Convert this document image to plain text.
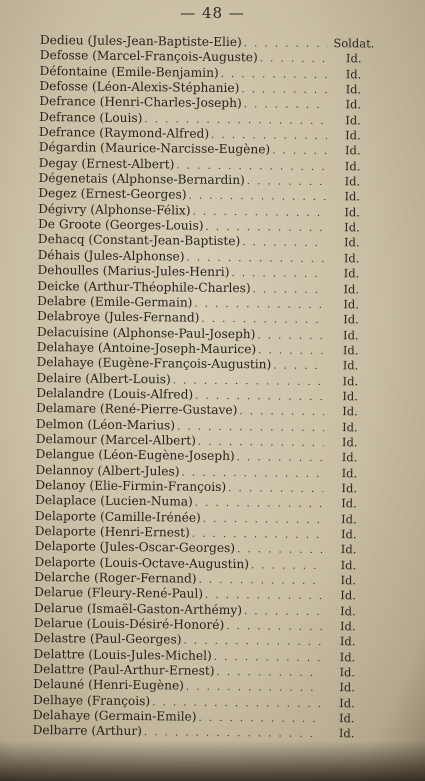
— 48 —
Dedieu (Jules-Jean-Baptiste-Elie) . . .	Soldat.
Defosse (Marcel-François-Auguste) . . .	Id.
Défontaine (Emile-Benjamin) . . .	Id.
Defosse (Léon-Alexis-Stéphanie) . . .	Id.
Defrance (Henri-Charles-Joseph) . . .	Id.
Defrance (Louis) . . .	Id.
Defrance (Raymond-Alfred) . . .	Id.
Dégardin (Maurice-Narcisse-Eugène) . . .	Id.
Degay (Ernest-Albert) . . .	Id.
Dégenetais (Alphonse-Bernardin) . . .	Id.
Degez (Ernest-Georges) . . .	Id.
Dégivry (Alphonse-Félix) . . .	Id.
De Groote (Georges-Louis) . . .	Id.
Dehacq (Constant-Jean-Baptiste) . . .	Id.
Déhais (Jules-Alphonse) . . .	Id.
Dehoulles (Marius-Jules-Henri) . . .	Id.
Deicke (Arthur-Théophile-Charles) . . .	Id.
Delabre (Emile-Germain) . . .	Id.
Delabroye (Jules-Fernand) . . .	Id.
Delacuisine (Alphonse-Paul-Joseph) . . .	Id.
Delahaye (Antoine-Joseph-Maurice) . . .	Id.
Delahaye (Eugène-François-Augustin) . . .	Id.
Delaire (Albert-Louis) . . .	Id.
Delalandre (Louis-Alfred) . . .	Id.
Delamare (René-Pierre-Gustave) . . .	Id.
Delmon (Léon-Marius) . . .	Id.
Delamour (Marcel-Albert) . . .	Id.
Delangue (Léon-Eugène-Joseph) . . .	Id.
Delannoy (Albert-Jules) . . .	Id.
Delanoy (Elie-Firmin-François) . . .	Id.
Delaplace (Lucien-Numa) . . .	Id.
Delaporte (Camille-Irénée) . . .	Id.
Delaporte (Henri-Ernest) . . .	Id.
Delaporte (Jules-Oscar-Georges) . . .	Id.
Delaporte (Louis-Octave-Augustin) . . .	Id.
Delarche (Roger-Fernand) . . .	Id.
Delarue (Fleury-René-Paul) . . .	Id.
Delarue (Ismaël-Gaston-Arthémy) . . .	Id.
Delarue (Louis-Désiré-Honoré) . . .	Id.
Delastre (Paul-Georges) . . .	Id.
Delattre (Louis-Jules-Michel) . . .	Id.
Delattre (Paul-Arthur-Ernest) . . .	Id.
Delauné (Henri-Eugène) . . .	Id.
Delhaye (François) . . .	Id.
Delahaye (Germain-Emile) . . .	Id.
Delbarre (Arthur) . . .	Id.
